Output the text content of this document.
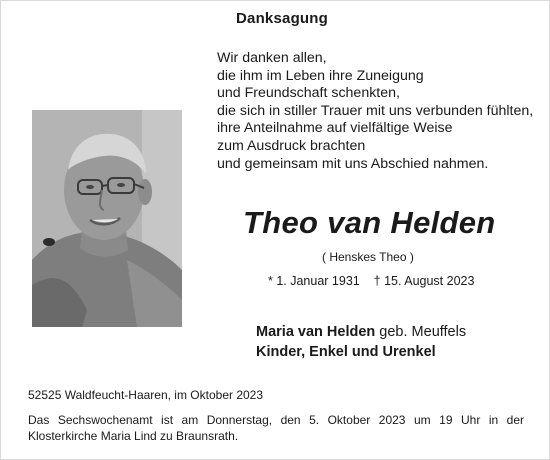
Danksagung
Wir danken allen,
die ihm im Leben ihre Zuneigung
und Freundschaft schenkten,
die sich in stiller Trauer mit uns verbunden fühlten,
ihre Anteilnahme auf vielfältige Weise
zum Ausdruck brachten
und gemeinsam mit uns Abschied nahmen.
Theo van Helden
( Henskes Theo )
* 1. Januar 1931 † 15. August 2023
Maria van Helden geb. Meuffels
Kinder, Enkel und Urenkel
52525 Waldfeucht-Haaren, im Oktober 2023
Das Sechswochenamt ist am Donnerstag, den 5. Oktober 2023 um 19 Uhr in der Klosterkirche Maria Lind zu Braunsrath.
